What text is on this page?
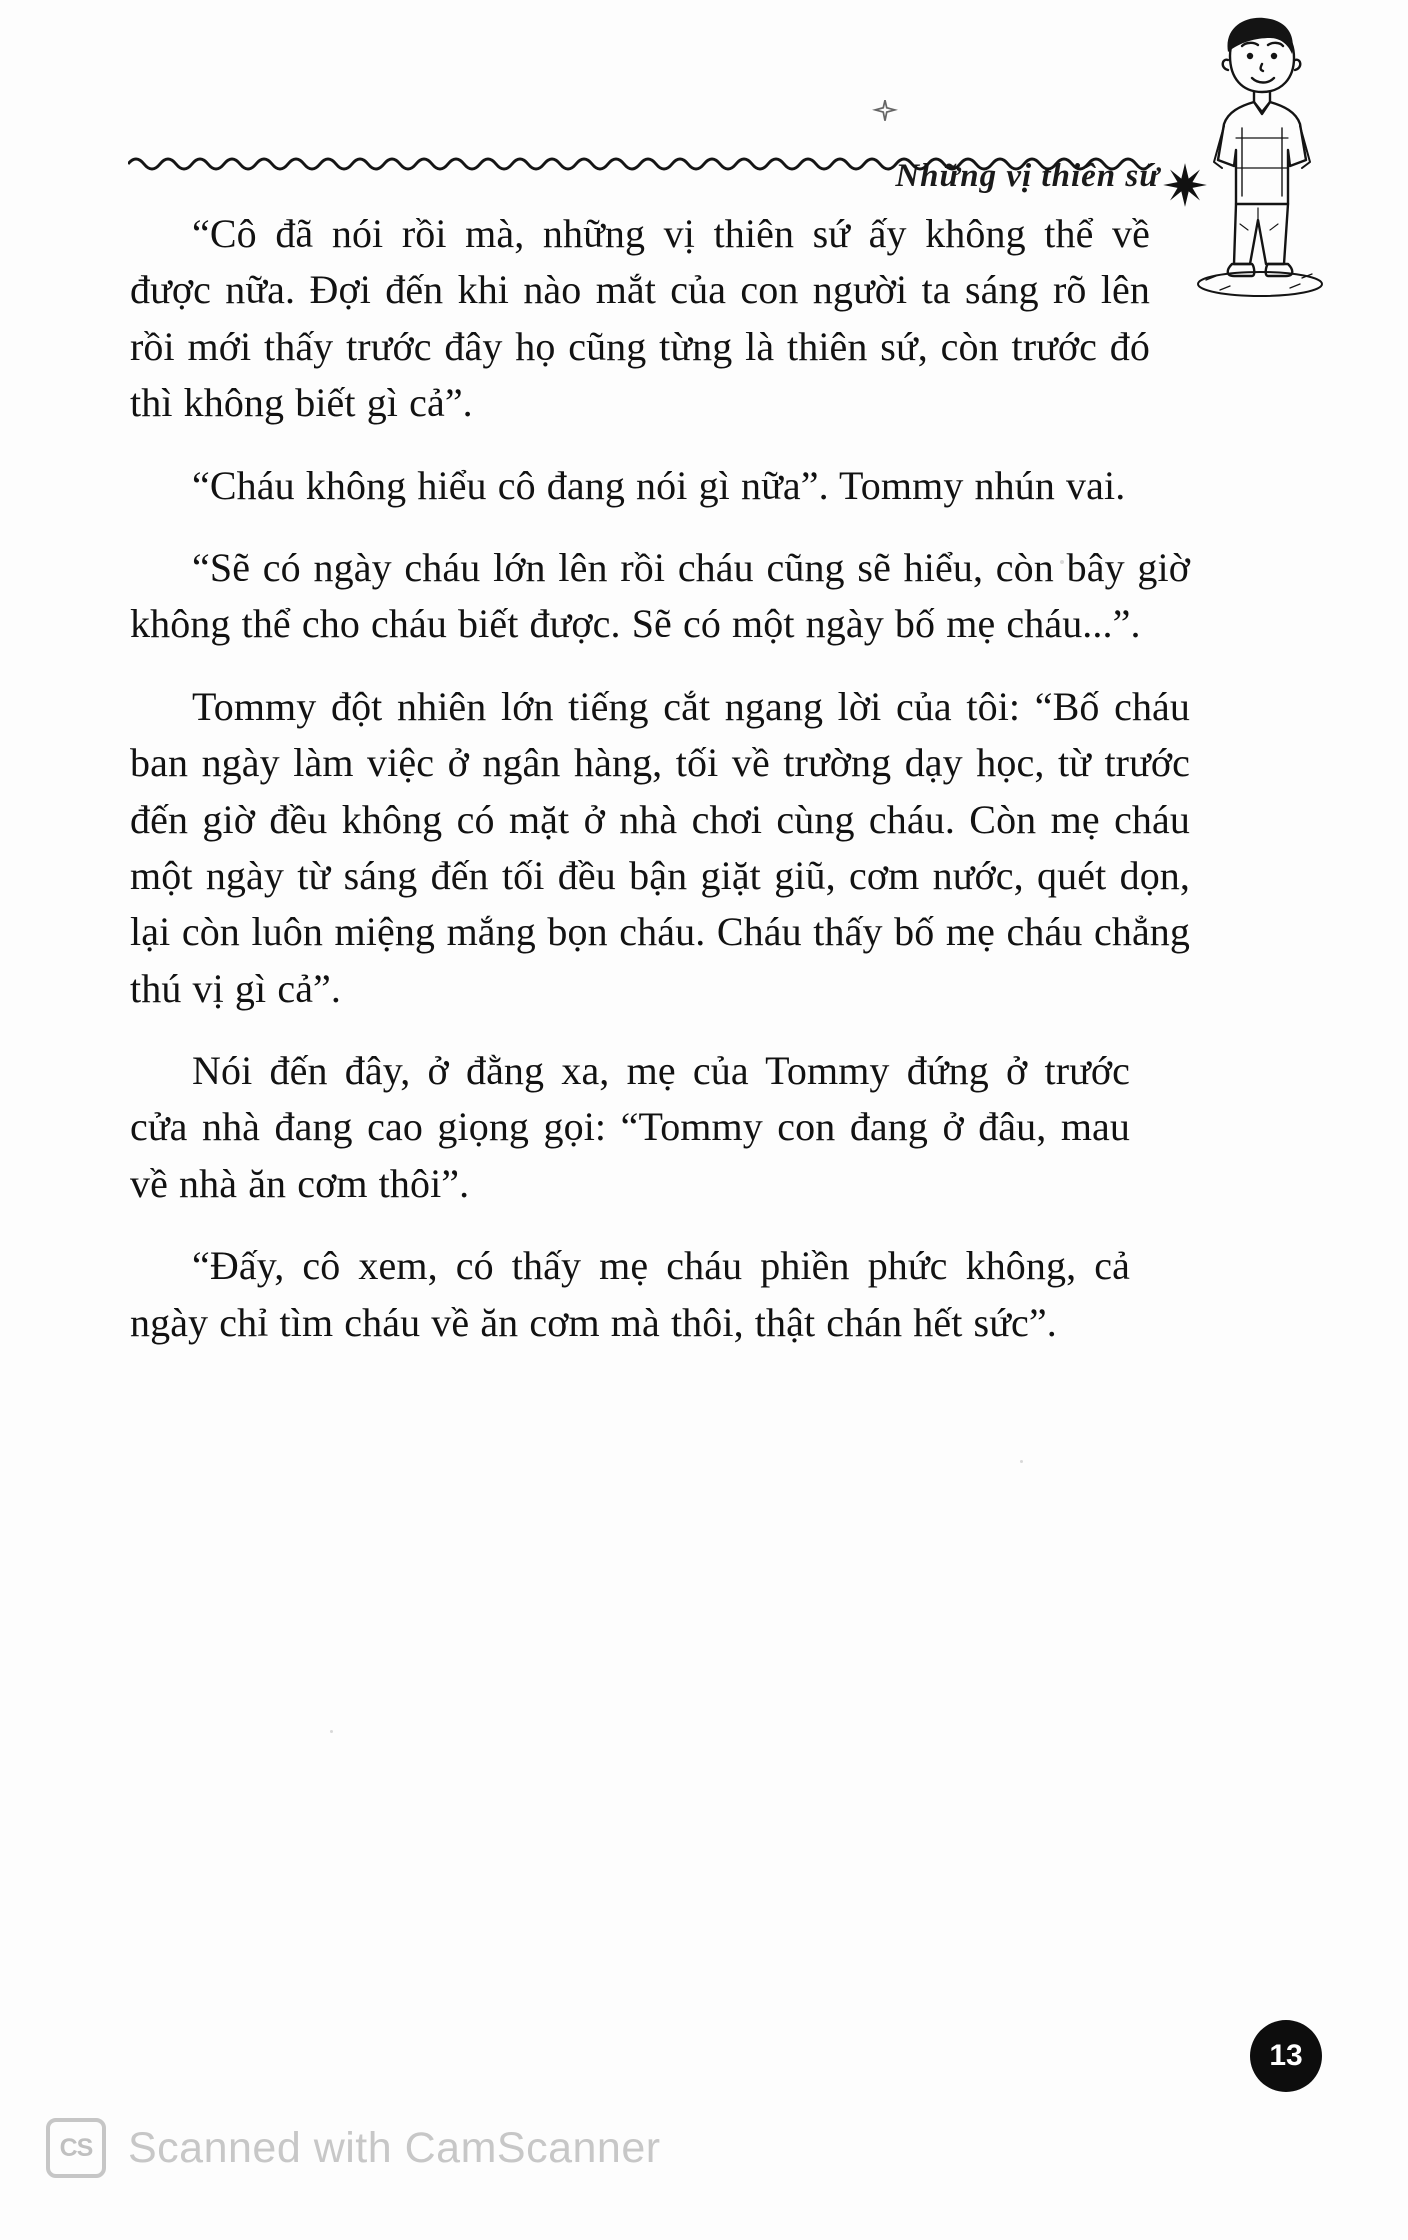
Những vị thiên sứ

“Cô đã nói rồi mà, những vị thiên sứ ấy không thể về được nữa. Đợi đến khi nào mắt của con người ta sáng rõ lên rồi mới thấy trước đây họ cũng từng là thiên sứ, còn trước đó thì không biết gì cả”.

“Cháu không hiểu cô đang nói gì nữa”. Tommy nhún vai.

“Sẽ có ngày cháu lớn lên rồi cháu cũng sẽ hiểu, còn bây giờ không thể cho cháu biết được. Sẽ có một ngày bố mẹ cháu...”.

Tommy đột nhiên lớn tiếng cắt ngang lời của tôi: “Bố cháu ban ngày làm việc ở ngân hàng, tối về trường dạy học, từ trước đến giờ đều không có mặt ở nhà chơi cùng cháu. Còn mẹ cháu một ngày từ sáng đến tối đều bận giặt giũ, cơm nước, quét dọn, lại còn luôn miệng mắng bọn cháu. Cháu thấy bố mẹ cháu chẳng thú vị gì cả”.

Nói đến đây, ở đằng xa, mẹ của Tommy đứng ở trước cửa nhà đang cao giọng gọi: “Tommy con đang ở đâu, mau về nhà ăn cơm thôi”.

“Đấy, cô xem, có thấy mẹ cháu phiền phức không, cả ngày chỉ tìm cháu về ăn cơm mà thôi, thật chán hết sức”.

13
CS Scanned with CamScanner
